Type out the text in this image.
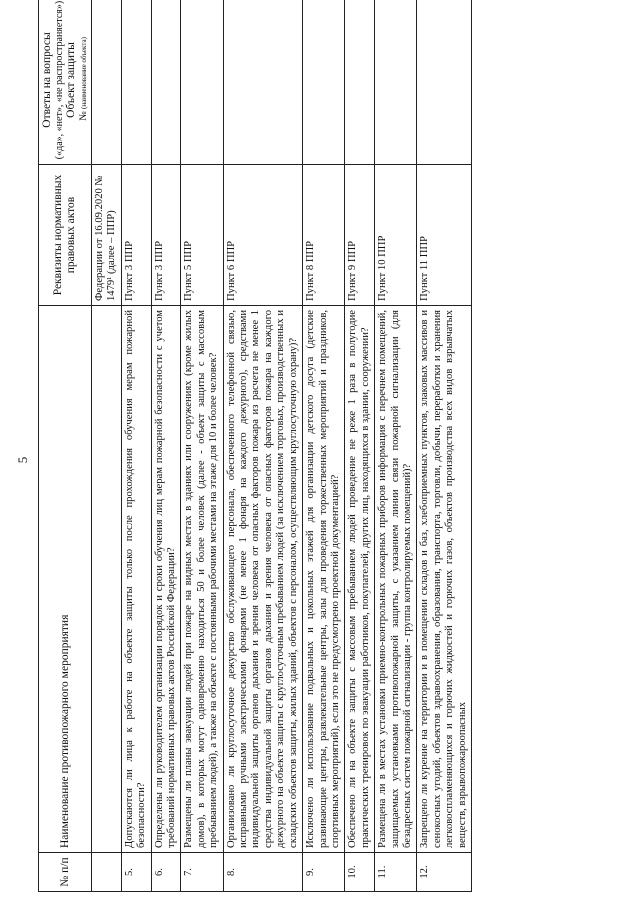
5
№ п/п	Наименование противопожарного мероприятия	Реквизиты нормативных правовых актов	Ответы на вопросы («да», «нет», «не распространяется») Объект защиты №(наименование объекта)

		Федерации от 16.09.2020 № 1479¹ (далее – ППР)	
5.	Допускаются ли лица к работе на объекте защиты только после прохождения обучения мерам пожарной безопасности?	Пункт 3 ППР	
6.	Определены ли руководителем организации порядок и сроки обучения лиц мерам пожарной безопасности с учетом требований нормативных правовых актов Российской Федерации?	Пункт 3 ППР	
7.	Размещены ли планы эвакуации людей при пожаре на видных местах в зданиях или сооружениях (кроме жилых домов), в которых могут одновременно находиться 50 и более человек (далее - объект защиты с массовым пребыванием людей), а также на объекте с постоянными рабочими местами на этаже для 10 и более человек?	Пункт 5 ППР	
8.	Организовано ли круглосуточное дежурство обслуживающего персонала, обеспеченного телефонной связью, исправными ручными электрическими фонарями (не менее 1 фонаря на каждого дежурного), средствами индивидуальной защиты органов дыхания и зрения человека от опасных факторов пожара из расчета не менее 1 средства индивидуальной защиты органов дыхания и зрения человека от опасных факторов пожара на каждого дежурного на объекте защиты с круглосуточным пребыванием людей (за исключением торговых, производственных и складских объектов защиты, жилых зданий, объектов с персоналом, осуществляющим круглосуточную охрану)?	Пункт 6 ППР	
9.	Исключено ли использование подвальных и цокольных этажей для организации детского досуга (детские развивающие центры, развлекательные центры, залы для проведения торжественных мероприятий и праздников, спортивных мероприятий), если это не предусмотрено проектной документацией?	Пункт 8 ППР	
10.	Обеспечено ли на объекте защиты с массовым пребыванием людей проведение не реже 1 раза в полугодие практических тренировок по эвакуации работников, покупателей, других лиц, находящихся в здании, сооружении?	Пункт 9 ППР	
11.	Размещена ли в местах установки приемно-контрольных пожарных приборов информация с перечнем помещений, защищаемых установками противопожарной защиты, с указанием линии связи пожарной сигнализации (для безадресных систем пожарной сигнализации - группа контролируемых помещений)?	Пункт 10 ППР	
12.	Запрещено ли курение на территории и в помещении складов и баз, хлебоприемных пунктов, злаковых массивов и сенокосных угодий, объектов здравоохранения, образования, транспорта, торговли, добычи, переработки и хранения легковоспламеняющихся и горючих жидкостей и горючих газов, объектов производства всех видов взрывчатых веществ, взрывопожароопасных	Пункт 11 ППР	
